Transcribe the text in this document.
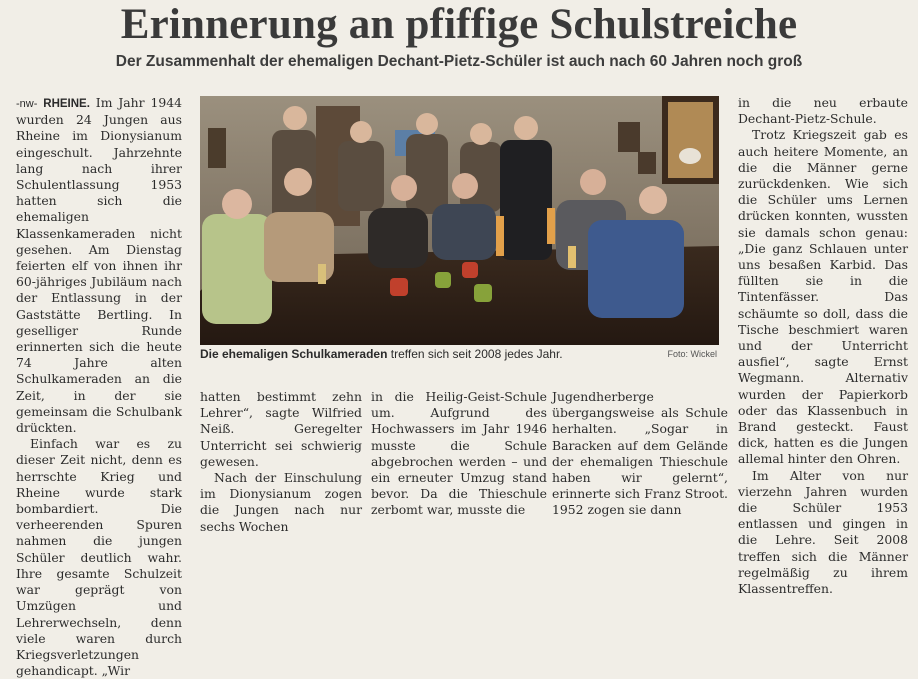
Erinnerung an pfiffige Schulstreiche
Der Zusammenhalt der ehemaligen Dechant-Pietz-Schüler ist auch nach 60 Jahren noch groß

-nw- RHEINE. Im Jahr 1944 wurden 24 Jungen aus Rheine im Dionysianum eingeschult. Jahrzehnte lang nach ihrer Schulentlassung 1953 hatten sich die ehemaligen Klassenkameraden nicht gesehen. Am Dienstag feierten elf von ihnen ihr 60-jähriges Jubiläum nach der Entlassung in der Gaststätte Bertling. In geselliger Runde erinnerten sich die heute 74 Jahre alten Schulkameraden an die Zeit, in der sie gemeinsam die Schulbank drückten.

Einfach war es zu dieser Zeit nicht, denn es herrschte Krieg und Rheine wurde stark bombardiert. Die verheerenden Spuren nahmen die jungen Schüler deutlich wahr. Ihre gesamte Schulzeit war geprägt von Umzügen und Lehrerwechseln, denn viele waren durch Kriegsverletzungen gehandicapt. „Wir

Die ehemaligen Schulkameraden treffen sich seit 2008 jedes Jahr.	Foto: Wickel

hatten bestimmt zehn Lehrer“, sagte Wilfried Neiß. Geregelter Unterricht sei schwierig gewesen.

Nach der Einschulung im Dionysianum zogen die Jungen nach nur sechs Wochen

in die Heilig-Geist-Schule um. Aufgrund des Hochwassers im Jahr 1946 musste die Schule abgebrochen werden – und ein erneuter Umzug stand bevor. Da die Thieschule zerbomt war, musste die

Jugendherberge übergangsweise als Schule herhalten. „Sogar in Baracken auf dem Gelände der ehemaligen Thieschule haben wir gelernt“, erinnerte sich Franz Stroot. 1952 zogen sie dann

in die neu erbaute Dechant-Pietz-Schule.

Trotz Kriegszeit gab es auch heitere Momente, an die die Männer gerne zurückdenken. Wie sich die Schüler ums Lernen drücken konnten, wussten sie damals schon genau: „Die ganz Schlauen unter uns besaßen Karbid. Das füllten sie in die Tintenfässer. Das schäumte so doll, dass die Tische beschmiert waren und der Unterricht ausfiel“, sagte Ernst Wegmann. Alternativ wurden der Papierkorb oder das Klassenbuch in Brand gesteckt. Faust dick, hatten es die Jungen allemal hinter den Ohren.

Im Alter von nur vierzehn Jahren wurden die Schüler 1953 entlassen und gingen in die Lehre. Seit 2008 treffen sich die Männer regelmäßig zu ihrem Klassentreffen.
